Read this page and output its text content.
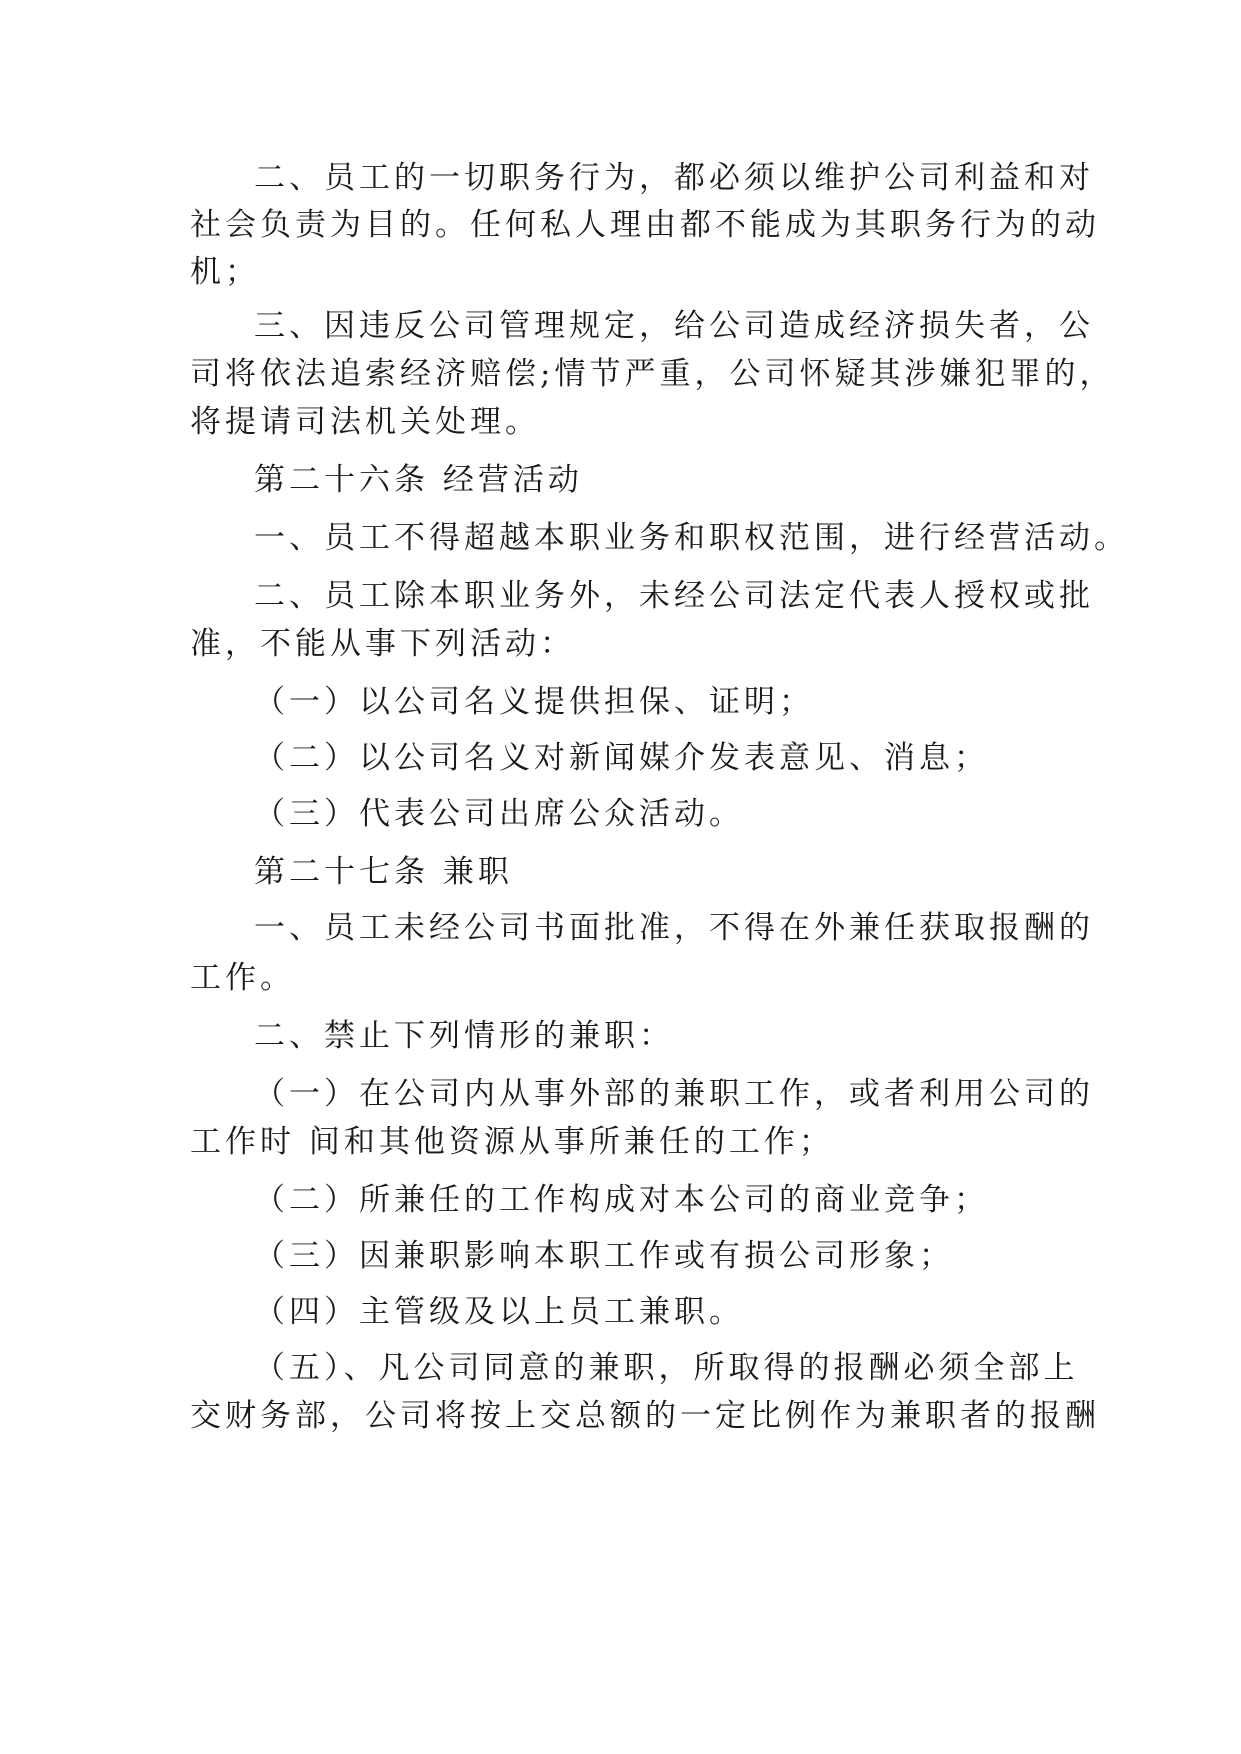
二、员工的一切职务行为，都必须以维护公司利益和对
社会负责为目的。任何私人理由都不能成为其职务行为的动
机；
三、因违反公司管理规定，给公司造成经济损失者，公
司将依法追索经济赔偿;情节严重，公司怀疑其涉嫌犯罪的，
将提请司法机关处理。
第二十六条 经营活动
一、员工不得超越本职业务和职权范围，进行经营活动。
二、员工除本职业务外，未经公司法定代表人授权或批
准，不能从事下列活动：
（一）以公司名义提供担保、证明；
（二）以公司名义对新闻媒介发表意见、消息；
（三）代表公司出席公众活动。
第二十七条 兼职
一、员工未经公司书面批准，不得在外兼任获取报酬的
工作。
二、禁止下列情形的兼职：
（一）在公司内从事外部的兼职工作，或者利用公司的
工作时 间和其他资源从事所兼任的工作；
（二）所兼任的工作构成对本公司的商业竞争；
（三）因兼职影响本职工作或有损公司形象；
（四）主管级及以上员工兼职。
（五）、凡公司同意的兼职，所取得的报酬必须全部上
交财务部，公司将按上交总额的一定比例作为兼职者的报酬
